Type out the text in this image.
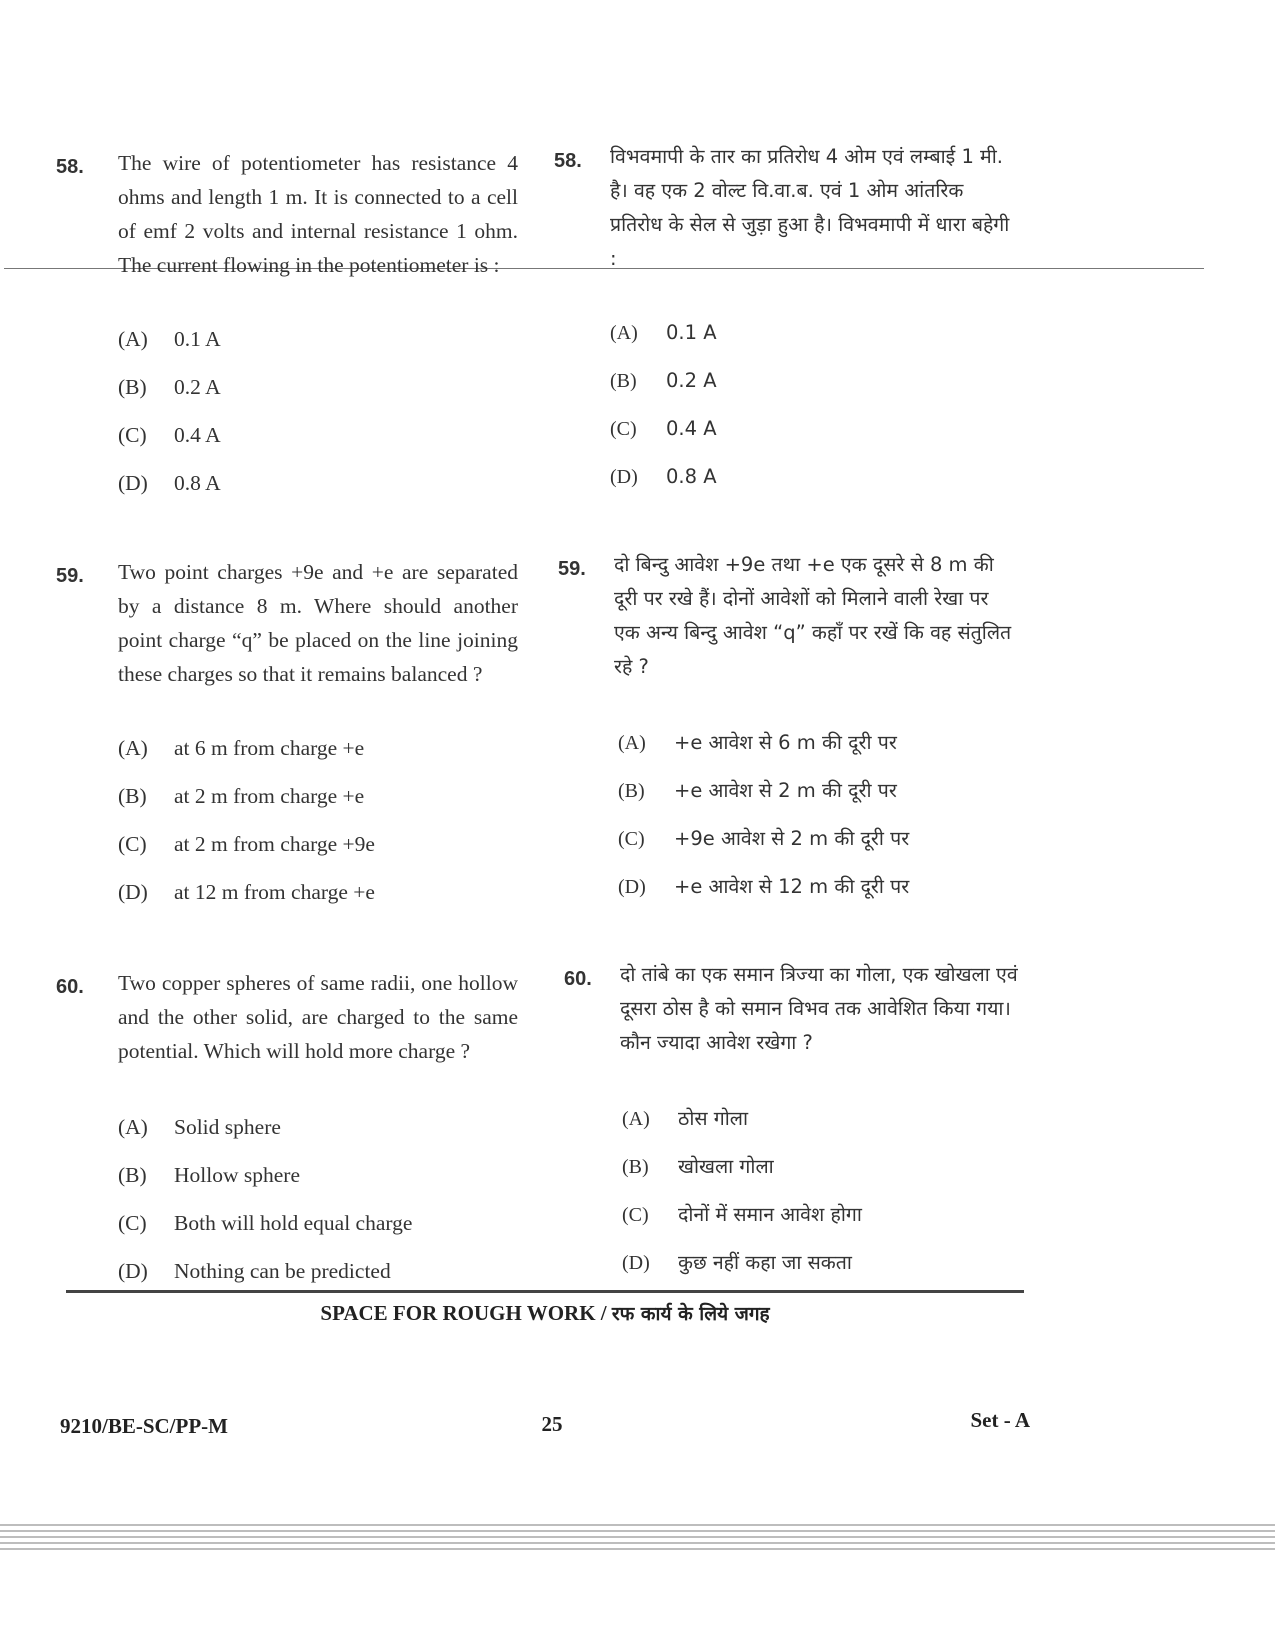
58. The wire of potentiometer has resistance 4 ohms and length 1 m. It is connected to a cell of emf 2 volts and internal resistance 1 ohm. The current flowing in the potentiometer is :
(A)	0.1 A
(B)	0.2 A
(C)	0.4 A
(D)	0.8 A
59. Two point charges +9e and +e are separated by a distance 8 m. Where should another point charge “q” be placed on the line joining these charges so that it remains balanced ?
(A)	at 6 m from charge +e
(B)	at 2 m from charge +e
(C)	at 2 m from charge +9e
(D)	at 12 m from charge +e
60. Two copper spheres of same radii, one hollow and the other solid, are charged to the same potential. Which will hold more charge ?
(A)	Solid sphere
(B)	Hollow sphere
(C)	Both will hold equal charge
(D)	Nothing can be predicted
58. विभवमापी के तार का प्रतिरोध 4 ओम एवं लम्बाई 1 मी. है। वह एक 2 वोल्ट वि.वा.ब. एवं 1 ओम आंतरिक प्रतिरोध के सेल से जुड़ा हुआ है। विभवमापी में धारा बहेगी :
(A)	0.1 A
(B)	0.2 A
(C)	0.4 A
(D)	0.8 A
59. दो बिन्दु आवेश +9e तथा +e एक दूसरे से 8 m की दूरी पर रखे हैं। दोनों आवेशों को मिलाने वाली रेखा पर एक अन्य बिन्दु आवेश “q” कहाँ पर रखें कि वह संतुलित रहे ?
(A)	+e आवेश से 6 m की दूरी पर
(B)	+e आवेश से 2 m की दूरी पर
(C)	+9e आवेश से 2 m की दूरी पर
(D)	+e आवेश से 12 m की दूरी पर
60. दो तांबे का एक समान त्रिज्या का गोला, एक खोखला एवं दूसरा ठोस है को समान विभव तक आवेशित किया गया। कौन ज्यादा आवेश रखेगा ?
(A)	ठोस गोला
(B)	खोखला गोला
(C)	दोनों में समान आवेश होगा
(D)	कुछ नहीं कहा जा सकता
SPACE FOR ROUGH WORK / रफ कार्य के लिये जगह
9210/BE-SC/PP-M	25	Set - A
